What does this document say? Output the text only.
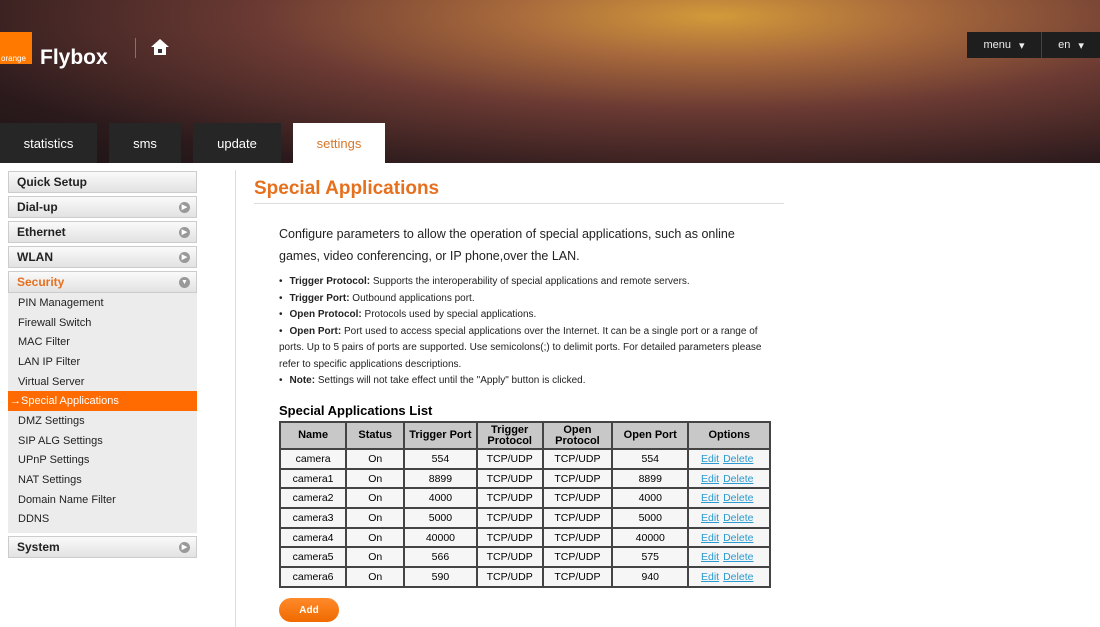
orange Flybox
menu ▾	en ▾
statistics	sms	update	settings
Quick Setup
Dial-up	▶
Ethernet	▶
WLAN	▶
Security	▼
PIN Management
Firewall Switch
MAC Filter
LAN IP Filter
Virtual Server
→Special Applications
DMZ Settings
SIP ALG Settings
UPnP Settings
NAT Settings
Domain Name Filter
DDNS
System	▶
Special Applications
Configure parameters to allow the operation of special applications, such as online games, video conferencing, or IP phone,over the LAN.
• Trigger Protocol: Supports the interoperability of special applications and remote servers.
• Trigger Port: Outbound applications port.
• Open Protocol: Protocols used by special applications.
• Open Port: Port used to access special applications over the Internet. It can be a single port or a range of ports. Up to 5 pairs of ports are supported. Use semicolons(;) to delimit ports. For detailed parameters please refer to specific applications descriptions.
• Note: Settings will not take effect until the "Apply" button is clicked.
Special Applications List
Name	Status	Trigger Port	Trigger Protocol	Open Protocol	Open Port	Options
camera	On	554	TCP/UDP	TCP/UDP	554	Edit Delete
camera1	On	8899	TCP/UDP	TCP/UDP	8899	Edit Delete
camera2	On	4000	TCP/UDP	TCP/UDP	4000	Edit Delete
camera3	On	5000	TCP/UDP	TCP/UDP	5000	Edit Delete
camera4	On	40000	TCP/UDP	TCP/UDP	40000	Edit Delete
camera5	On	566	TCP/UDP	TCP/UDP	575	Edit Delete
camera6	On	590	TCP/UDP	TCP/UDP	940	Edit Delete
Add
